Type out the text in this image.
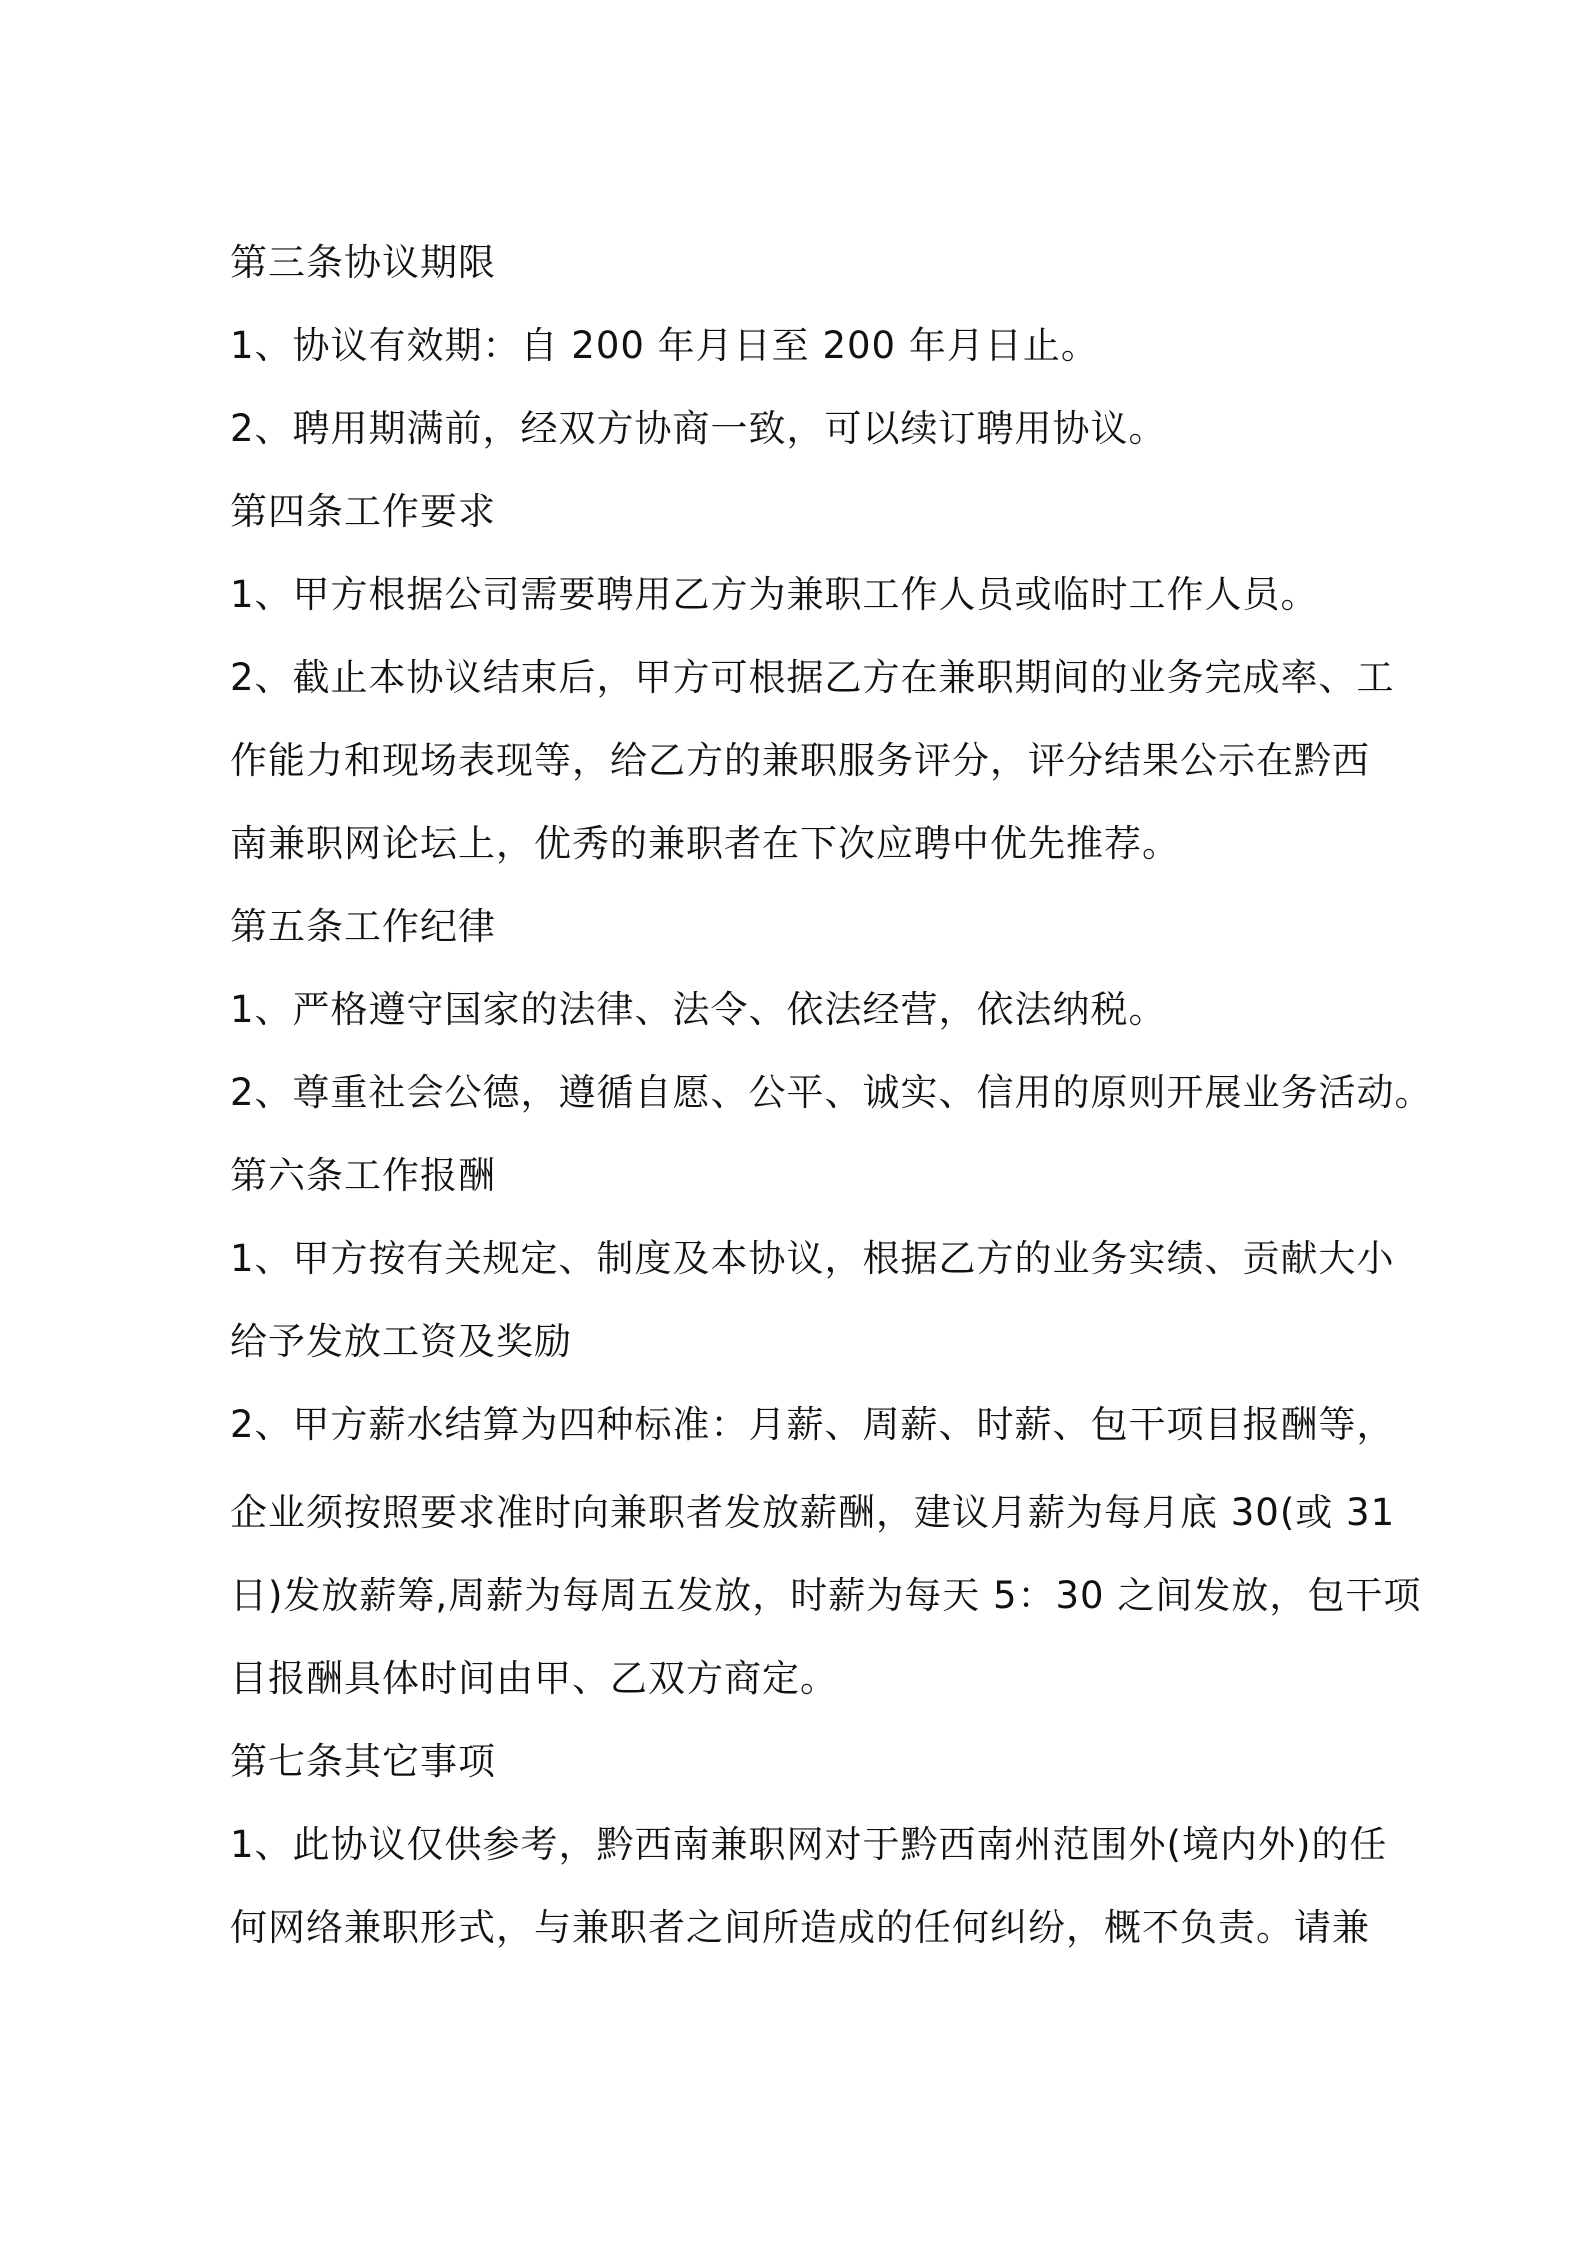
第三条协议期限
1、协议有效期：自 200 年月日至 200 年月日止。
2、聘用期满前，经双方协商一致，可以续订聘用协议。
第四条工作要求
1、甲方根据公司需要聘用乙方为兼职工作人员或临时工作人员。
2、截止本协议结束后，甲方可根据乙方在兼职期间的业务完成率、工
作能力和现场表现等，给乙方的兼职服务评分，评分结果公示在黔西
南兼职网论坛上，优秀的兼职者在下次应聘中优先推荐。
第五条工作纪律
1、严格遵守国家的法律、法令、依法经营，依法纳税。
2、尊重社会公德，遵循自愿、公平、诚实、信用的原则开展业务活动。
第六条工作报酬
1、甲方按有关规定、制度及本协议，根据乙方的业务实绩、贡献大小
给予发放工资及奖励
2、甲方薪水结算为四种标准：月薪、周薪、时薪、包干项目报酬等，
企业须按照要求准时向兼职者发放薪酬，建议月薪为每月底 30(或 31
日)发放薪筹,周薪为每周五发放，时薪为每天 5：30 之间发放，包干项
目报酬具体时间由甲、乙双方商定。
第七条其它事项
1、此协议仅供参考，黔西南兼职网对于黔西南州范围外(境内外)的任
何网络兼职形式，与兼职者之间所造成的任何纠纷，概不负责。请兼
